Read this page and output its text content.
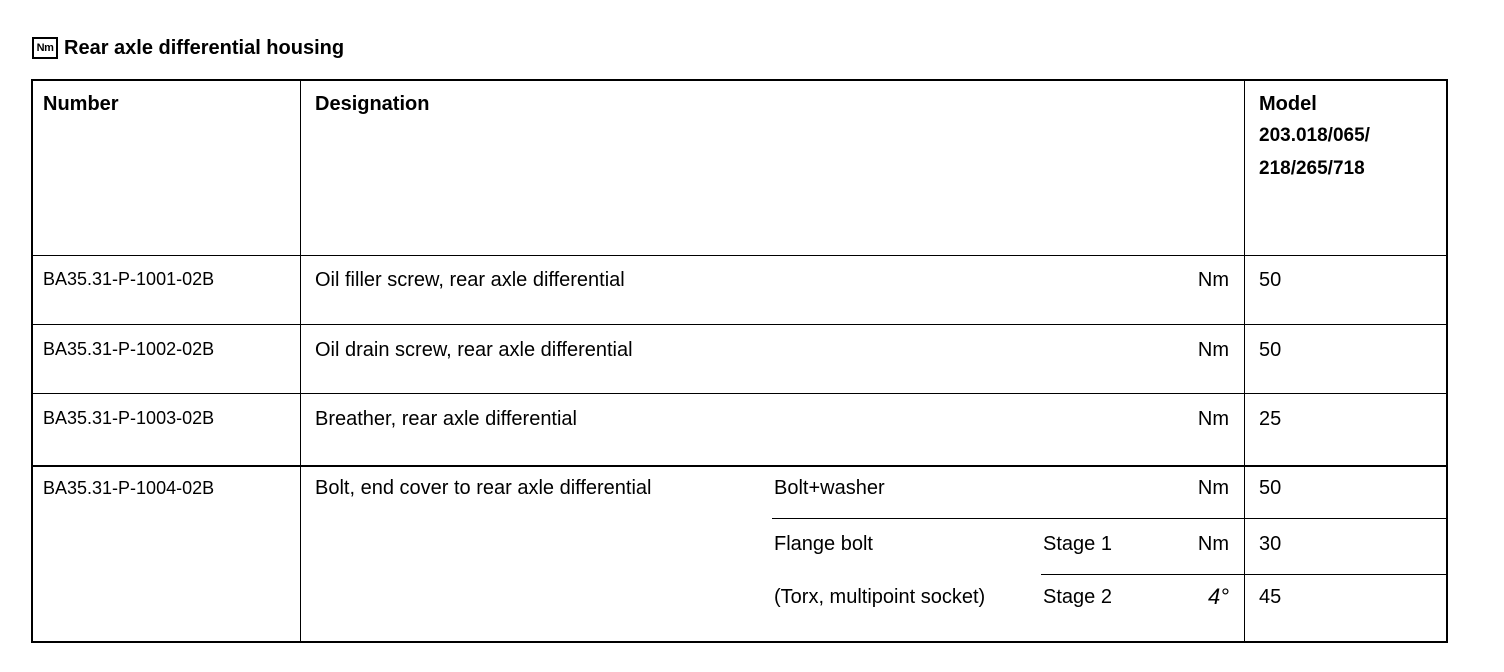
Nm Rear axle differential housing
Number	Designation	Model
203.018/065/
218/265/718
BA35.31-P-1001-02B	Oil filler screw, rear axle differential	Nm 50
BA35.31-P-1002-02B	Oil drain screw, rear axle differential	Nm 50
BA35.31-P-1003-02B	Breather, rear axle differential	Nm 25
BA35.31-P-1004-02B	Bolt, end cover to rear axle differential	Bolt+washer	Nm 50
Flange bolt	Stage 1	Nm 30
(Torx, multipoint socket)	Stage 2	4° 45
